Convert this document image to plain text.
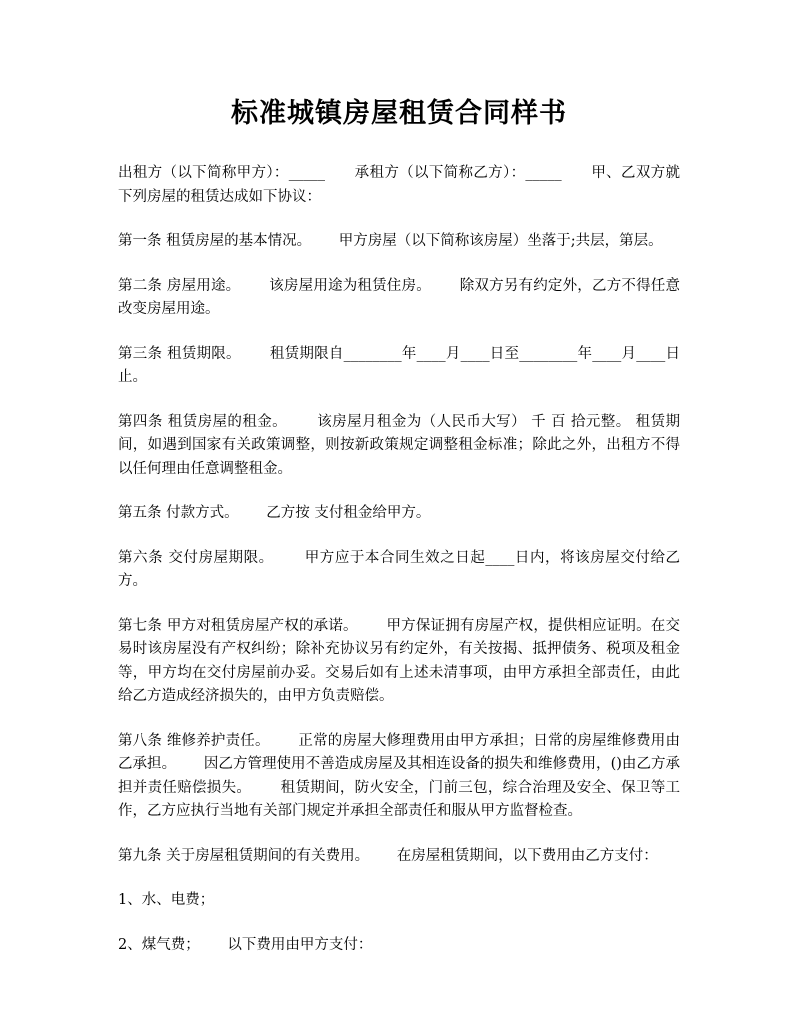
标准城镇房屋租赁合同样书

出租方（以下简称甲方）：_____      承租方（以下简称乙方）：_____      甲、乙双方就下列房屋的租赁达成如下协议：

第一条 租赁房屋的基本情况。      甲方房屋（以下简称该房屋）坐落于;共层，第层。

第二条 房屋用途。      该房屋用途为租赁住房。      除双方另有约定外，乙方不得任意改变房屋用途。

第三条 租赁期限。      租赁期限自________年____月____日至________年____月____日止。

第四条 租赁房屋的租金。      该房屋月租金为（人民币大写） 千 百 拾元整。 租赁期间，如遇到国家有关政策调整，则按新政策规定调整租金标准；除此之外，出租方不得以任何理由任意调整租金。

第五条 付款方式。      乙方按 支付租金给甲方。

第六条 交付房屋期限。      甲方应于本合同生效之日起____日内，将该房屋交付给乙方。

第七条 甲方对租赁房屋产权的承诺。      甲方保证拥有房屋产权，提供相应证明。在交易时该房屋没有产权纠纷；除补充协议另有约定外，有关按揭、抵押债务、税项及租金等，甲方均在交付房屋前办妥。交易后如有上述未清事项，由甲方承担全部责任，由此给乙方造成经济损失的，由甲方负责赔偿。

第八条 维修养护责任。      正常的房屋大修理费用由甲方承担；日常的房屋维修费用由乙承担。      因乙方管理使用不善造成房屋及其相连设备的损失和维修费用，()由乙方承担并责任赔偿损失。      租赁期间，防火安全，门前三包，综合治理及安全、保卫等工作，乙方应执行当地有关部门规定并承担全部责任和服从甲方监督检查。

第九条 关于房屋租赁期间的有关费用。      在房屋租赁期间，以下费用由乙方支付：

1、水、电费；

2、煤气费；      以下费用由甲方支付：
